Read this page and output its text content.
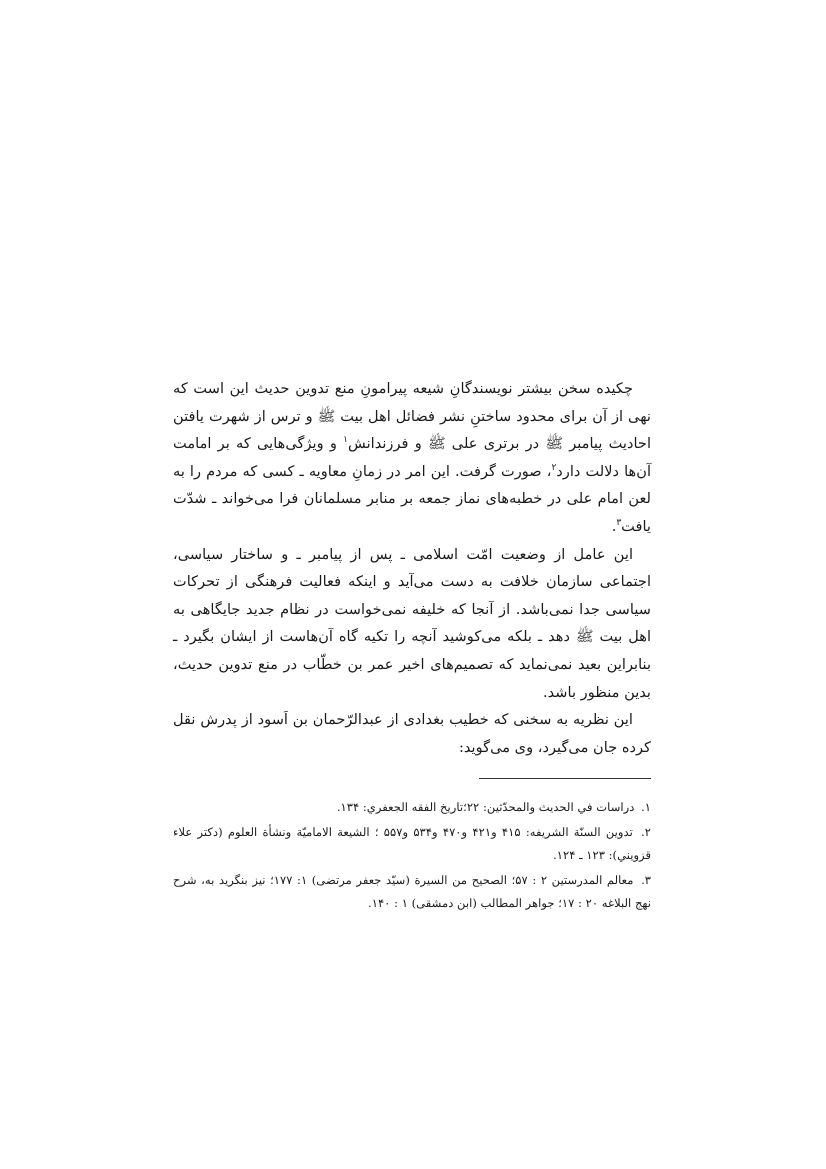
چکیده سخن بیشتر نویسندگانِ شیعه پیرامونِ منع تدوین حدیث این است که نهی از آن برای محدود ساختنِ نشر فضائل اهل بیت ﷺ و ترس از شهرت یافتن احادیث پیامبر ﷺ در برتری علی ﷺ و فرزندانش$^۱$ و ویژگی‌هایی که بر امامت آن‌ها دلالت دارد$^۲$، صورت گرفت. این امر در زمانِ معاویه ـ کسی که مردم را به لعن امام علی در خطبه‌های نماز جمعه بر منابر مسلمانان فرا می‌خواند ـ شدّت یافت$^۳$.

این عامل از وضعیت امّت اسلامی ـ پس از پیامبر ـ و ساختار سیاسی، اجتماعی سازمان خلافت به دست می‌آید و اینکه فعالیت فرهنگی از تحرکات سیاسی جدا نمی‌باشد. از آنجا که خلیفه نمی‌خواست در نظام جدید جایگاهی به اهل بیت ﷺ دهد ـ بلکه می‌کوشید آنچه را تکیه گاه آن‌هاست از ایشان بگیرد ـ بنابراین بعید نمی‌نماید که تصمیم‌های اخیر عمر بن خطّاب در منع تدوین حدیث، بدین منظور باشد.

این نظریه به سخنی که خطیب بغدادی از عبدالرّحمان بن اَسود از پدرش نقل کرده جان می‌گیرد، وی می‌گوید:

۱. دراسات في الحديث والمحدّثين: ۲۲؛تاريخ الفقه الجعفري: ۱۳۴.

۲. تدوين السنّة الشريفه: ۴۱۵ و۴۲۱ و۴۷۰ و۵۳۴ و۵۵۷ ؛ الشيعة الاماميّة ونشأة العلوم (دكتر علاء قزويني): ۱۲۳ ـ ۱۲۴.

۳. معالم المدرستين ۲ : ۵۷؛ الصحيح من السيرة (سيّد جعفر مرتضى) ۱: ۱۷۷؛ نيز بنگريد به، شرح نهج البلاغه ۲۰ : ۱۷؛ جواهر المطالب (ابن دمشقى) ۱ : ۱۴۰.
